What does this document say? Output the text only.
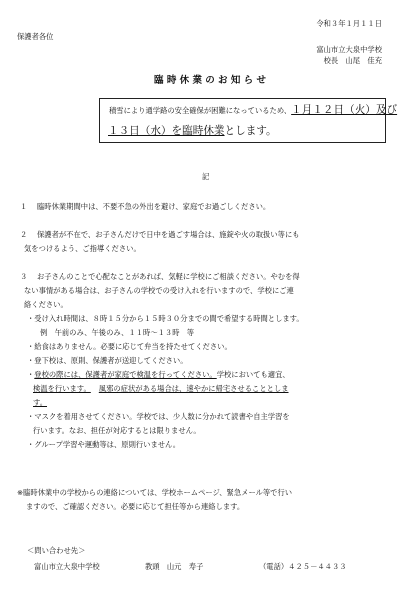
令和３年１月１１日
保護者各位
富山市立大泉中学校
校長　山尾　佳充
臨 時 休 業 の お 知 ら せ
積雪により通学路の安全確保が困難になっているため、１月１２日（火）及び
１３日（水）を臨時休業とします。
記
１ 臨時休業期間中は、不要不急の外出を避け、家庭でお過ごしください。
２ 保護者が不在で、お子さんだけで日中を過ごす場合は、施錠や火の取扱い等にも
気をつけるよう、ご指導ください。
３ お子さんのことで心配なことがあれば、気軽に学校にご相談ください。やむを得
ない事情がある場合は、お子さんの学校での受け入れを行いますので、学校にご連
絡ください。
・受け入れ時間は、８時１５分から１５時３０分までの間で希望する時間とします。
例　午前のみ、午後のみ、１１時～１３時　等
・給食はありません。必要に応じて弁当を持たせてください。
・登下校は、原則、保護者が送迎してください。
・登校の際には、保護者が家庭で検温を行ってください。学校においても適宜、
検温を行います。 風邪の症状がある場合は、速やかに帰宅させることとしま
す。
・マスクを着用させてください。学校では、少人数に分かれて読書や自主学習を
行います。なお、担任が対応するとは限りません。
・グループ学習や運動等は、原則行いません。
※臨時休業中の学校からの連絡については、学校ホームページ、緊急メール等で行い
ますので、ご確認ください。必要に応じて担任等から連絡します。
＜問い合わせ先＞
富山市立大泉中学校	教頭　山元　寿子	（電話）４２５－４４３３
